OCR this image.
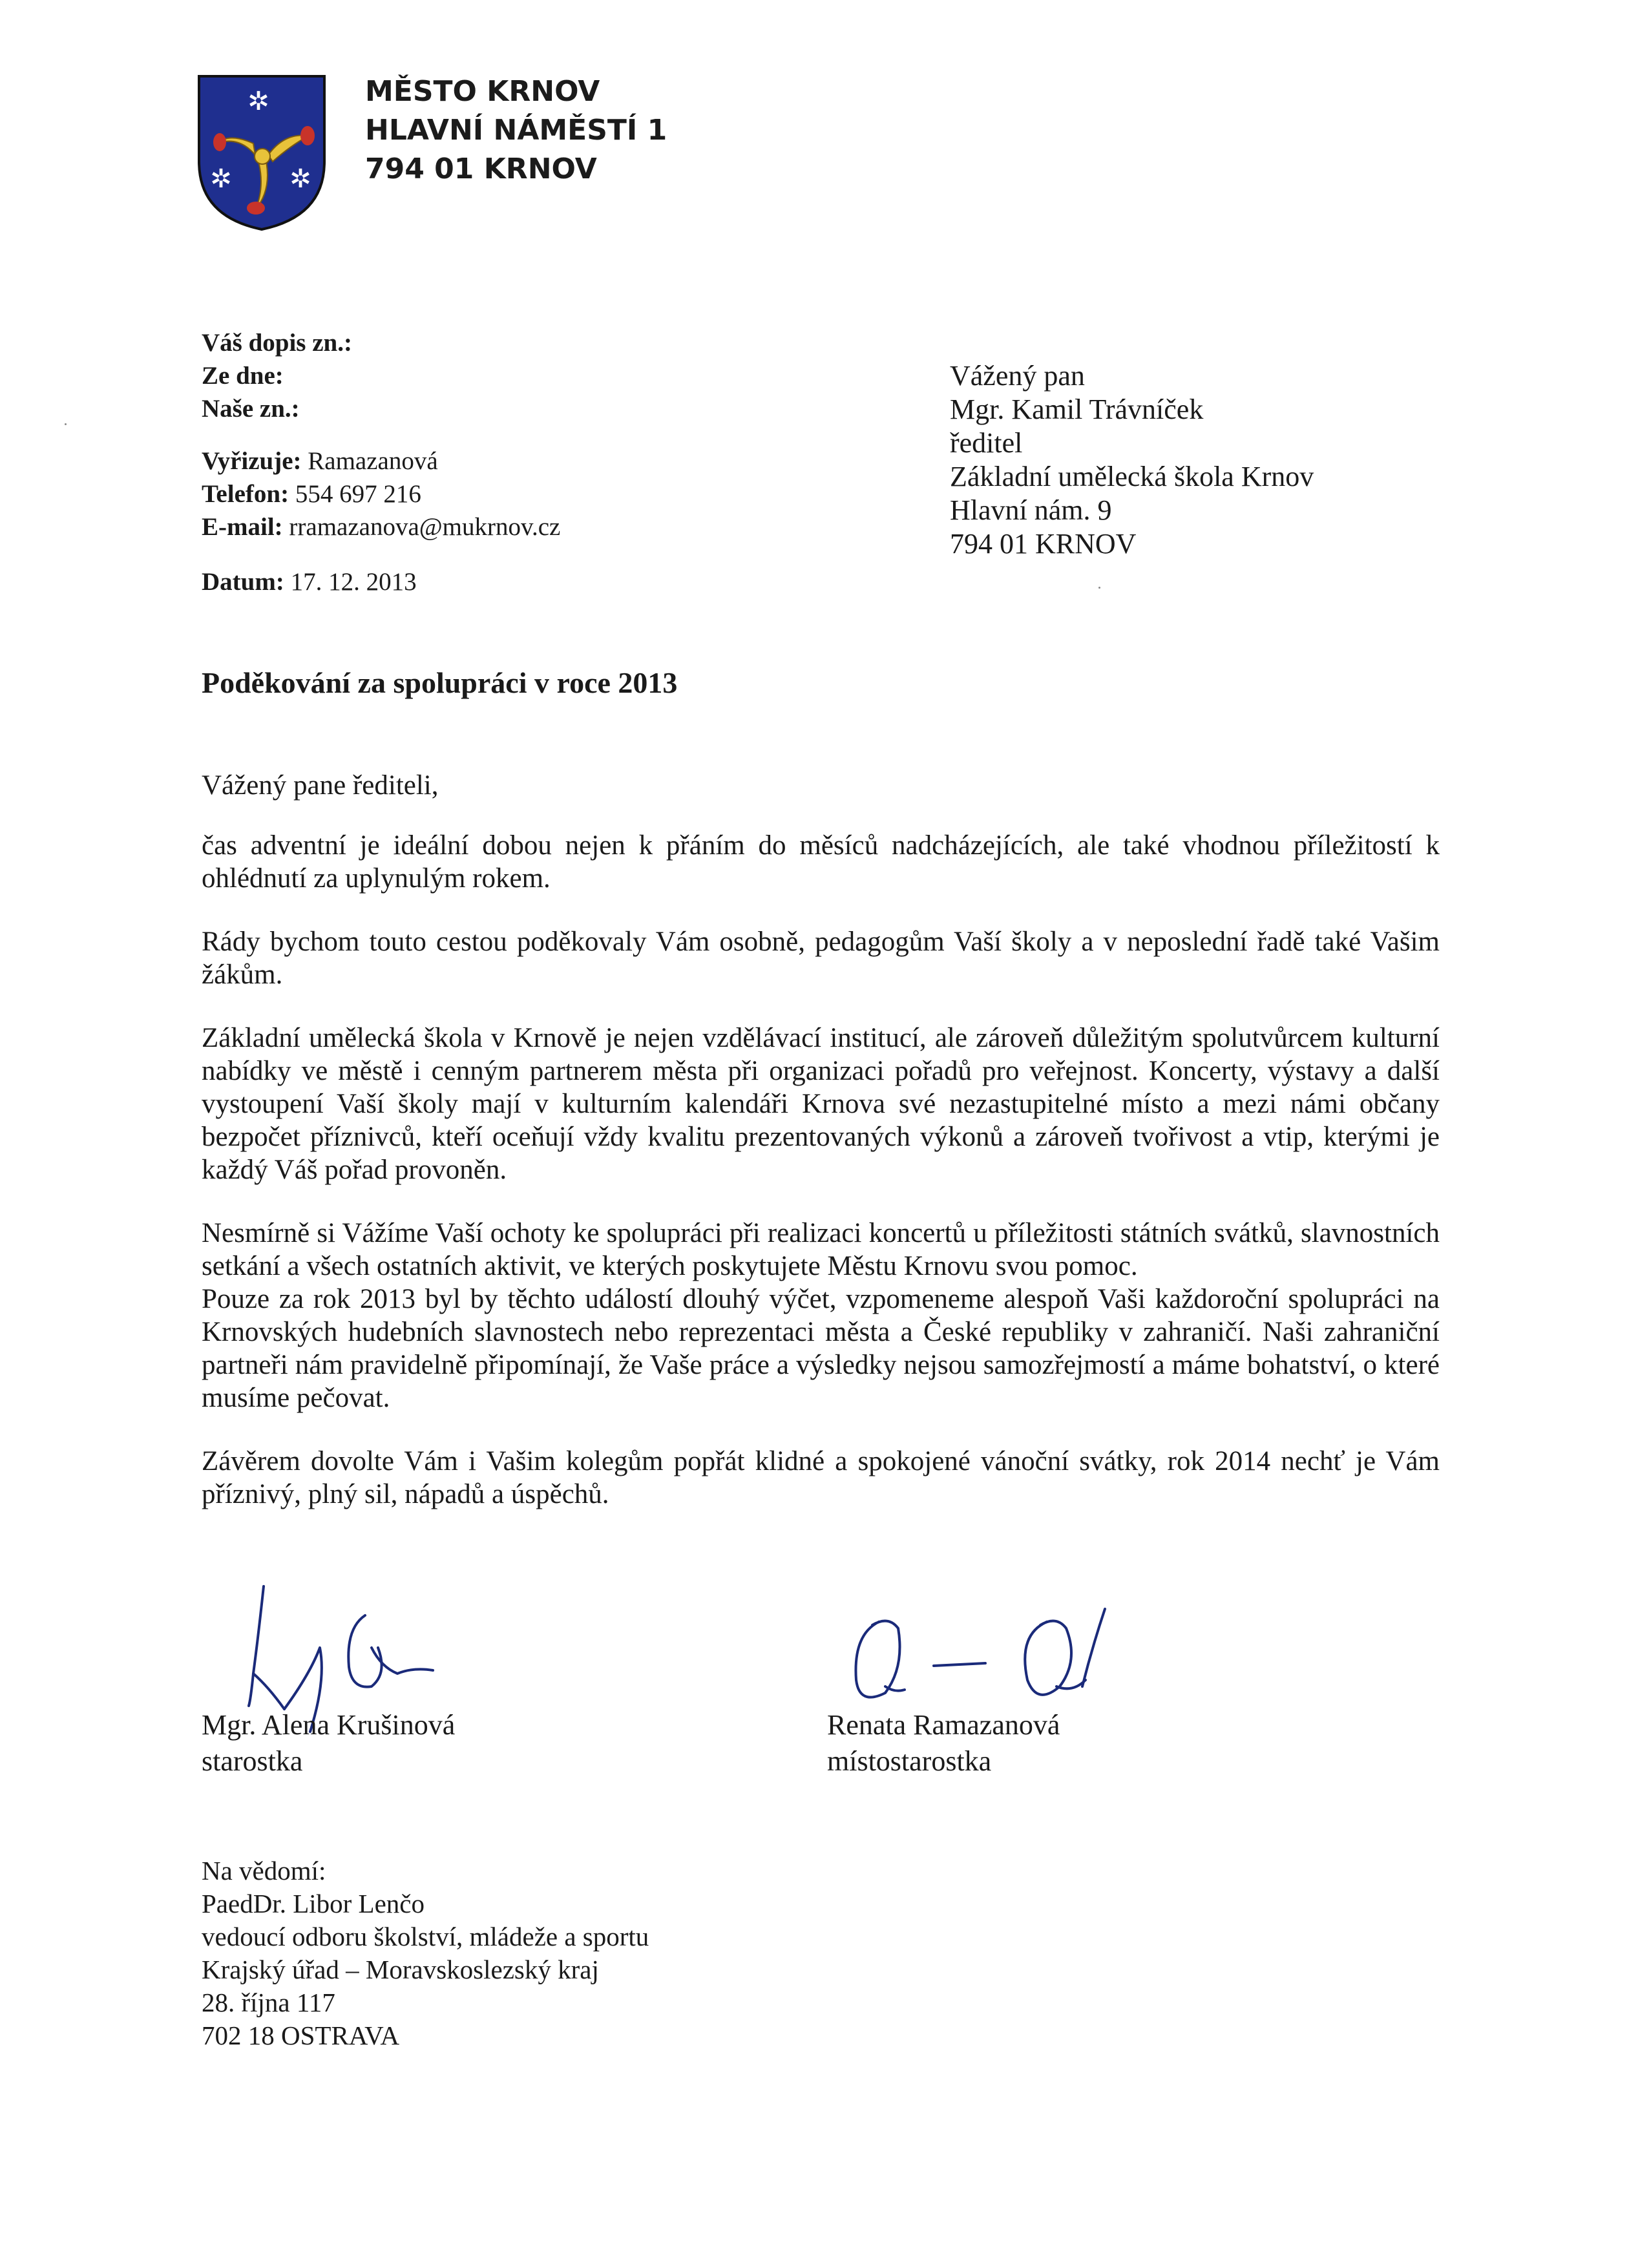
✲
✲ ✲
MĚSTO KRNOV
HLAVNÍ NÁMĚSTÍ 1
794 01 KRNOV
Váš dopis zn.:
Ze dne:
Naše zn.:
Vyřizuje: Ramazanová
Telefon: 554 697 216
E-mail: rramazanova@mukrnov.cz
Datum: 17. 12. 2013
Vážený pan
Mgr. Kamil Trávníček
ředitel
Základní umělecká škola Krnov
Hlavní nám. 9
794 01 KRNOV
Poděkování za spolupráci v roce 2013

Vážený pane řediteli,

čas adventní je ideální dobou nejen k přáním do měsíců nadcházejících, ale také vhodnou příležitostí k ohlédnutí za uplynulým rokem.

Rády bychom touto cestou poděkovaly Vám osobně, pedagogům Vaší školy a v neposlední řadě také Vašim žákům.

Základní umělecká škola v Krnově je nejen vzdělávací institucí, ale zároveň důležitým spolutvůrcem kulturní nabídky ve městě i cenným partnerem města při organizaci pořadů pro veřejnost. Koncerty, výstavy a další vystoupení Vaší školy mají v kulturním kalendáři Krnova své nezastupitelné místo a mezi námi občany bezpočet příznivců, kteří oceňují vždy kvalitu prezentovaných výkonů a zároveň tvořivost a vtip, kterými je každý Váš pořad provoněn.

Nesmírně si Vážíme Vaší ochoty ke spolupráci při realizaci koncertů u příležitosti státních svátků, slavnostních setkání a všech ostatních aktivit, ve kterých poskytujete Městu Krnovu svou pomoc.

Pouze za rok 2013 byl by těchto událostí dlouhý výčet, vzpomeneme alespoň Vaši každoroční spolupráci na Krnovských hudebních slavnostech nebo reprezentaci města a České republiky v zahraničí. Naši zahraniční partneři nám pravidelně připomínají, že Vaše práce a výsledky nejsou samozřejmostí a máme bohatství, o které musíme pečovat.

Závěrem dovolte Vám i Vašim kolegům popřát klidné a spokojené vánoční svátky, rok 2014 nechť je Vám příznivý, plný sil, nápadů a úspěchů.

Mgr. Alena Krušinová
starostka
Renata Ramazanová
místostarostka
Na vědomí:
PaedDr. Libor Lenčo
vedoucí odboru školství, mládeže a sportu
Krajský úřad – Moravskoslezský kraj
28. října 117
702 18 OSTRAVA
